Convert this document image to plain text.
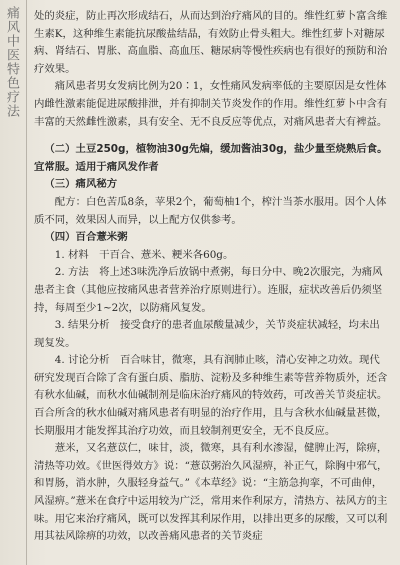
痛风中医特色疗法 处的炎症，防止再次形成结石，从而达到治疗痛风的目的。维性红萝卜富含维生素K，这种维生素能抗尿酸盐结晶，有效防止骨头粗大。维性红萝卜对糖尿病、肾结石、胃胀、高血脂、高血压、糖尿病等慢性疾病也有很好的预防和治疗效果。

痛风患者男女发病比例为20∶1，女性痛风发病率低的主要原因是女性体内雌性激素能促进尿酸排泄，并有抑制关节炎发作的作用。维性红萝卜中含有丰富的天然雌性激素，具有安全、无不良反应等优点，对痛风患者大有裨益。

（二）土豆250g，植物油30g先煸，缓加酱油30g，盐少量至烧熟后食。

宜常服。适用于痛风发作者

（三）痛风秘方

配方：白色苦瓜8条，苹果2个，葡萄柚1个，榨汁当茶水服用。因个人体质不同，效果因人而异，以上配方仅供参考。

（四）百合薏米粥

1. 材料　干百合、薏米、粳米各60g。

2. 方法　将上述3味洗净后放锅中煮粥，每日分中、晚2次服完，为痛风患者主食（其他应按痛风患者营养治疗原则进行）。连服，症状改善后仍须坚持，每周至少1~2次，以防痛风复发。

3. 结果分析　接受食疗的患者血尿酸量减少，关节炎症状减轻，均未出现复发。

4. 讨论分析　百合味甘，微寒，具有润肺止咳，清心安神之功效。现代研究发现百合除了含有蛋白质、脂肪、淀粉及多种维生素等营养物质外，还含有秋水仙碱，而秋水仙碱制剂是临床治疗痛风的特效药，可改善关节炎症状。百合所含的秋水仙碱对痛风患者有明显的治疗作用，且与含秋水仙碱量甚微，长期服用才能发挥其治疗功效，而且较制剂更安全，无不良反应。

薏米，又名薏苡仁，味甘，淡，微寒，具有利水渗湿，健脾止泻，除痹，清热等功效。《世医得效方》说：“薏苡粥治久风湿痹，补正气，除胸中邪气，和胃肠，消水肿，久服轻身益气。”《本草经》说：“主筋急拘挛，不可曲伸，风湿痹。”薏米在食疗中运用较为广泛，常用来作利尿方，清热方、祛风方的主味。用它来治疗痛风，既可以发挥其利尿作用，以排出更多的尿酸，又可以利用其祛风除痹的功效，以改善痛风患者的关节炎症
